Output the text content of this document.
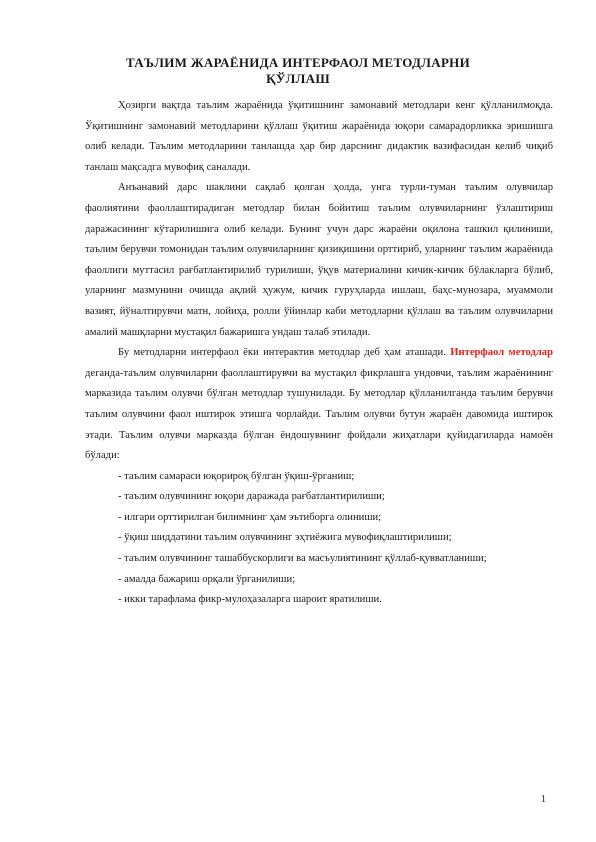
ТАЪЛИМ ЖАРАЁНИДА ИНТЕРФАОЛ МЕТОДЛАРНИ
ҚЎЛЛАШ

Ҳозирги вақтда таълим жараёнида ўқитишнинг замонавий методлари кенг қўлланилмоқда. Ўқитишнинг замонавий методларини қўллаш ўқитиш жараёнида юқори самарадорликка эришишга олиб келади. Таълим методларини танлашда ҳар бир дарснинг дидактик вазифасидан келиб чиқиб танлаш мақсадга мувофиқ саналади.

Анъанавий дарс шаклини сақлаб қолган ҳолда, унга турли-туман таълим олувчилар фаолиятини фаоллаштирадиган методлар билан бойитиш таълим олувчиларнинг ўзлаштириш даражасининг кўтарилишига олиб келади. Бунинг учун дарс жараёни оқилона ташкил қилиниши, таълим берувчи томонидан таълим олувчиларнинг қизиқишини орттириб, уларнинг таълим жараёнида фаоллиги муттасил рағбатлантирилиб турилиши, ўқув материалини кичик-кичик бўлакларга бўлиб, уларнинг мазмунини очишда ақлий ҳужум, кичик гуруҳларда ишлаш, баҳс-мунозара, муаммоли вазият, йўналтирувчи матн, лойиҳа, ролли ўйинлар каби методларни қўллаш ва таълим олувчиларни амалий машқларни мустақил бажаришга ундаш талаб этилади.

Бу методларни интерфаол ёки интерактив методлар деб ҳам аташади. Интерфаол методлар деганда-таълим олувчиларни фаоллаштирувчи ва мустақил фикрлашга ундовчи, таълим жараёнининг марказида таълим олувчи бўлган методлар тушунилади. Бу методлар қўлланилганда таълим берувчи таълим олувчини фаол иштирок этишга чорлайди. Таълим олувчи бутун жараён давомида иштирок этади. Таълим олувчи марказда бўлган ёндошувнинг фойдали жиҳатлари қуйидагиларда намоён бўлади:

- таълим самараси юқорироқ бўлган ўқиш-ўрганиш;
- таълим олувчининг юқори даражада рағбатлантирилиши;
- илгари орттирилган билимнинг ҳам эътиборга олиниши;
- ўқиш шиддатини таълим олувчининг эҳтиёжига мувофиқлаштирилиши;
- таълим олувчининг ташаббускорлиги ва масъулиятининг қўллаб-қувватланиши;
- амалда бажариш орқали ўрганилиши;
- икки тарафлама фикр-мулоҳазаларга шароит яратилиши.
1
